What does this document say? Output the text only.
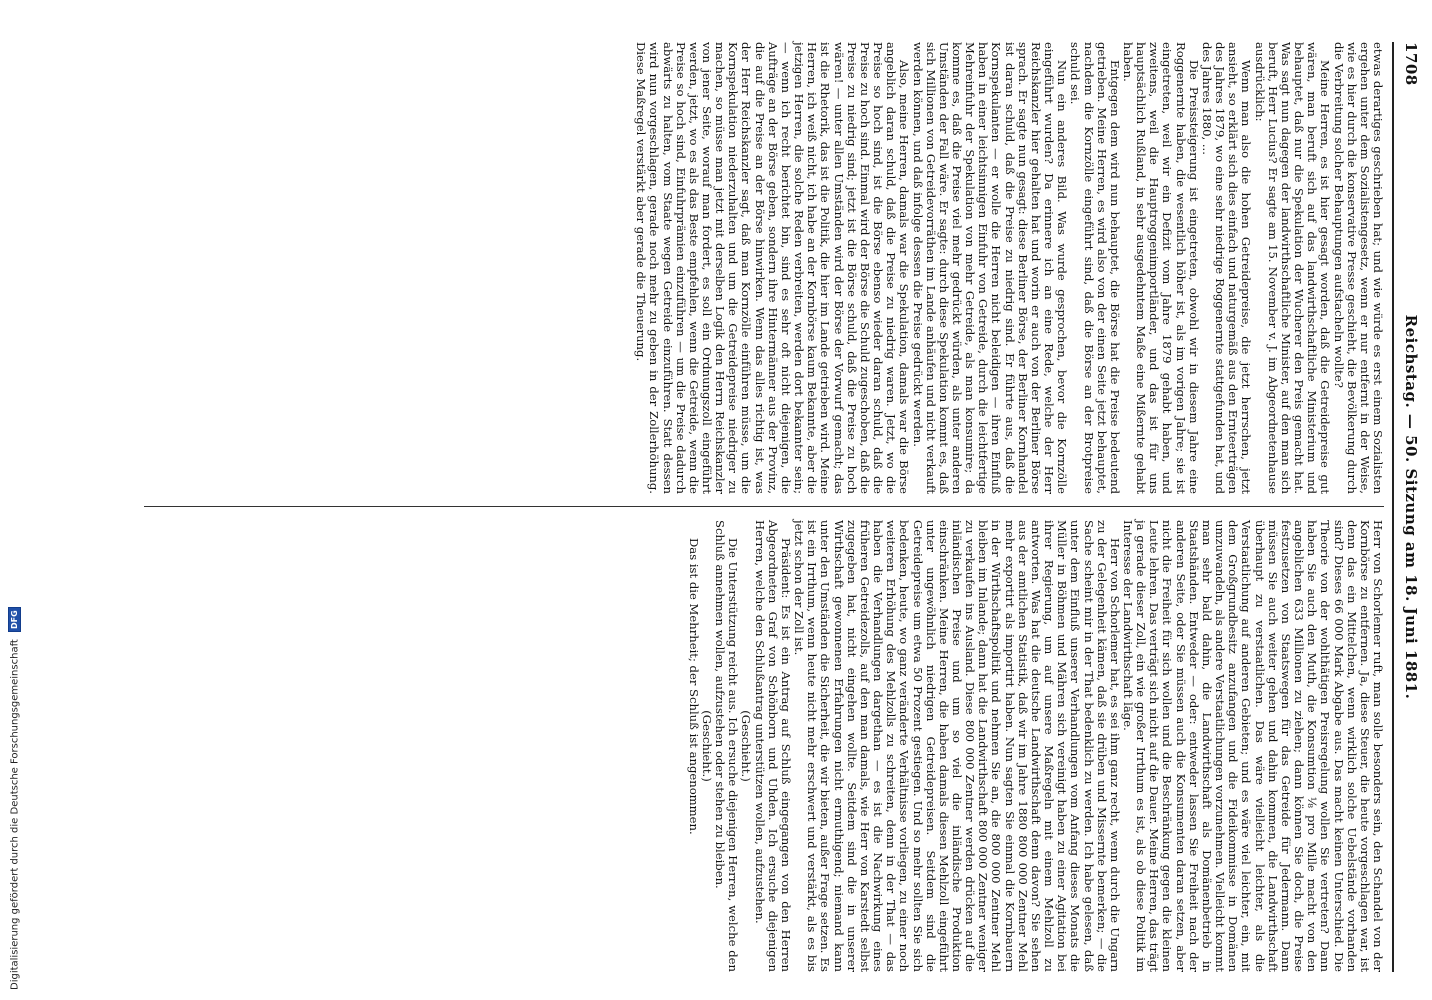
1708
Reichstag. — 50. Sitzung am 18. Juni 1881.

etwas derartiges geschrieben hat; und wie würde es erst einem Sozialisten ergehen unter dem Sozialistengesetz, wenn er nur entfernt in der Weise, wie es hier durch die konservative Presse geschieht, die Bevölkerung durch die Verbreitung solcher Behauptungen aufstacheln wollte?

Meine Herren, es ist hier gesagt worden, daß die Getreidepreise gut wären, man beruft sich auf das landwirthschaftliche Ministerium und behauptet, daß nur die Spekulation der Wucherer den Preis gemacht hat. Was sagt nun dagegen der landwirthschaftliche Minister, auf den man sich beruft, Herr Lucius? Er sagte am 15. November v. J. im Abgeordnetenhause ausdrücklich:

Wenn man also die hohen Getreidepreise, die jetzt herrschen, jetzt ansieht, so erklärt sich dies einfach und naturgemäß aus den Ernteerträgen des Jahres 1879, wo eine sehr niedrige Roggenernte stattgefunden hat, und des Jahres 1880, ...

Die Preissteigerung ist eingetreten, obwohl wir in diesem Jahre eine Roggenernte haben, die wesentlich höher ist, als im vorigen Jahre; sie ist eingetreten, weil wir ein Defizit vom Jahre 1879 gehabt haben, und zweitens, weil die Hauptroggenimportländer, und das ist für uns hauptsächlich Rußland, in sehr ausgedehntem Maße eine Mißernte gehabt haben.

Entgegen dem wird nun behauptet, die Börse hat die Preise bedeutend getrieben. Meine Herren, es wird also von der einen Seite jetzt behauptet, nachdem die Kornzölle eingeführt sind, daß die Börse an der Brotpreise schuld sei.

Nun ein anderes Bild. Was wurde gesprochen, bevor die Kornzölle eingeführt wurden? Da erinnere ich an eine Rede, welche der Herr Reichskanzler hier gehalten hat und worin er auch von der Berliner Börse sprach. Er sagte nun gesagt: diese Berliner Börse, der Berliner Kornhandel ist daran schuld, daß die Preise zu niedrig sind. Er führte aus, daß die Kornspekulanten — er wolle die Herren nicht beleidigen — ihren Einfluß haben in einer leichtsinnigen Einfuhr von Getreide, durch die leichtfertige Mehreinfuhr der Spekulation von mehr Getreide, als man konsumire; da komme es, daß die Preise viel mehr gedrückt würden, als unter anderen Umständen der Fall wäre. Er sagte: durch diese Spekulation kommt es, daß sich Millionen von Getreidevorräthen im Lande anhäufen und nicht verkauft werden können, und daß infolge dessen die Preise gedrückt werden.

Also, meine Herren, damals war die Spekulation, damals war die Börse angeblich daran schuld, daß die Preise zu niedrig waren. Jetzt, wo die Preise so hoch sind, ist die Börse ebenso wieder daran schuld, daß die Preise zu hoch sind. Einmal wird der Börse die Schuld zugeschoben, daß die Preise zu niedrig sind; jetzt ist die Börse schuld, daß die Preise zu hoch wären! — unter allen Umständen wird der Börse der Vorwurf gemacht; das ist die Rhetorik, das ist die Politik, die hier im Lande getrieben wird. Meine Herren, ich weiß nicht, ich habe an der Kornbörse kaum Bekannte, aber die jetzigen Herren, die solche Reden verbreiten, werden dort bekannter sein; — wenn ich recht berichtet bin, sind es sehr oft nicht diejenigen, die Aufträge an der Börse geben, sondern ihre Hintermänner aus der Provinz, die auf die Preise an der Börse hinwirken. Wenn das alles richtig ist, was der Herr Reichskanzler sagt, daß man Kornzölle einführen müsse, um die Kornspekulation niederzuhalten und um die Getreidepreise niedriger zu machen, so müsse man jetzt mit derselben Logik den Herrn Reichskanzler von jener Seite, worauf man fordert, es soll ein Ordnungszoll eingeführt werden, jetzt, wo es als das Beste empfehlen, wenn die Getreide, wenn die Preise so hoch sind, Einfuhrprämien einzuführen — um die Preise dadurch abwärts zu halten, vom Staate wegen Getreide einzuführen. Statt dessen wird nun vorgeschlagen, gerade noch mehr zu geben in der Zollerhöhung. Diese Maßregel verstärkt aber gerade die Theuerung.

Herr von Schorlemer ruft, man solle besonders sein, den Schandel von der Kornbörse zu entfernen. Ja, diese Steuer, die heute vorgeschlagen war, ist denn das ein Mittelchen, wenn wirklich solche Uebelstände vorhanden sind? Dieses 66 000 Mark Abgabe aus. Das macht keinen Unterschied. Die Theorie von der wohlthätigen Preisregelung wollen Sie vertreten? Dann haben Sie auch den Muth, die Konsumtion ⅛ pro Mille macht von den angeblichen 633 Millionen zu ziehen; dann können Sie doch, die Preise festzusetzen von Staatswegen für das Getreide für Jedermann. Dann müssen Sie auch weiter gehen und dahin kommen, die Landwirthschaft überhaupt zu verstaatlichen. Das wäre vielleicht leichter, als die Verstaatlichung auf anderen Gebieten; und es wäre viel leichter, ein, mit dem Großgrundbesitz anzufangen und die Fideikommisse in Domänen umzuwandeln, als andere Verstaatlichungen vorzunehmen. Vielleicht kommt man sehr bald dahin, die Landwirthschaft als Domänenbetrieb in Staatshänden. Entweder — oder: entweder lassen Sie Freiheit nach der anderen Seite, oder Sie müssen auch die Konsumenten daran setzen, aber nicht die Freiheit für sich wollen und die Beschränkung gegen die kleinen Leute lehren. Das verträgt sich nicht auf die Dauer. Meine Herren, das trägt ja gerade dieser Zoll, ein wie großer Irrthum es ist, als ob diese Politik im Interesse der Landwirthschaft läge.

Herr von Schorlemer hat, es sei ihm ganz recht, wenn durch die Ungarn zu der Gelegenheit kämen, daß sie drüben und Missernte bemerken; — die Sache scheint mir in der That bedenklich zu werden. Ich habe gelesen, daß unter dem Einfluß unserer Verhandlungen vom Anfang dieses Monats die Müller in Böhmen und Mähren sich vereinigt haben zu einer Agitation bei ihrer Regierung, um auf unsere Maßregeln mit einem Mehlzoll zu antworten. Was hat die deutsche Landwirthschaft denn davon? Sie sehen aus der amtlichen Statistik, daß wir im Jahre 1880 800 000 Zentner Mehl mehr exportirt als importirt haben. Nun sagten Sie einmal die Kornbauern in der Wirthschaftspolitik und nehmen Sie an, die 800 000 Zentner Mehl bleiben im Inlande; dann hat die Landwirthschaft 800 000 Zentner weniger zu verkaufen ins Ausland. Diese 800 000 Zentner werden drücken auf die inländischen Preise und um so viel die inländische Produktion einschränken. Meine Herren, die haben damals diesen Mehlzoll eingeführt unter ungewöhnlich niedrigen Getreidepreisen. Seitdem sind die Getreidepreise um etwa 50 Prozent gestiegen. Und so mehr sollten Sie sich bedenken, heute, wo ganz veränderte Verhältnisse vorliegen, zu einer noch weiteren Erhöhung des Mehlzolls zu schreiten, denn in der That — das haben die Verhandlungen dargethan — es ist die Nachwirkung eines früheren Getreidezolls, auf den man damals, wie Herr von Karstedt selbst zugegeben hat, nicht eingehen wollte. Seitdem sind die in unserer Wirthschaft gewonnenen Erfahrungen nicht ermuthigend; niemand kann unter den Umständen die Sicherheit, die wir bieten, außer Frage setzen. Es ist ein Irrthum, wenn heute nicht mehr erschwert und verstärkt, als es bis jetzt schon der Zoll ist.

Präsident: Es ist ein Antrag auf Schluß eingegangen von den Herren Abgeordneten Graf von Schönborn und Uhden. Ich ersuche diejenigen Herren, welche den Schlußantrag unterstützen wollen, aufzustehen.

(Geschieht.)

Die Unterstützung reicht aus. Ich ersuche diejenigen Herren, welche den Schluß annehmen wollen, aufzustehen oder stehen zu bleiben.

(Geschieht.)

Das ist die Mehrheit; der Schluß ist angenommen.

Digitalisierung gefördert durch die Deutsche Forschungsgemeinschaft DFG
